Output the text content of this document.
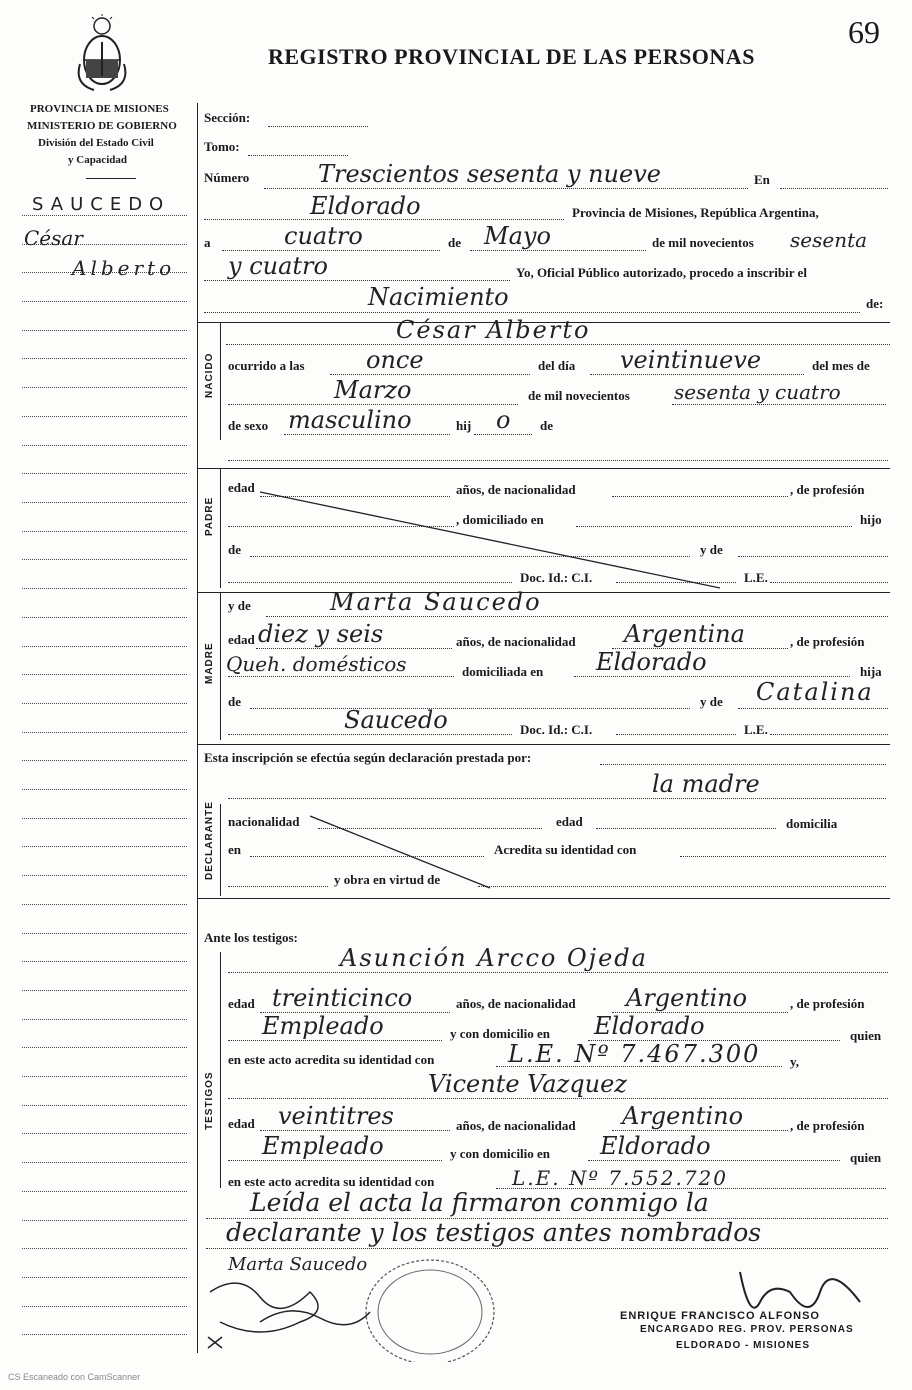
69
REGISTRO PROVINCIAL DE LAS PERSONAS
PROVINCIA DE MISIONES
MINISTERIO DE GOBIERNO
División del Estado Civil
y Capacidad
SAUCEDO
César
Alberto
Sección:
Tomo:
Número	Trescientos sesenta y nueve	En
Eldorado	Provincia de Misiones, República Argentina,
a	cuatro	de Mayo	de mil novecientos sesenta
y cuatro	Yo, Oficial Público autorizado, procedo a inscribir el
Nacimiento	de:
NACIDO
César Alberto
ocurrido a las	once	del día veintinueve	del mes de
Marzo	de mil novecientos sesenta y cuatro
de sexo masculino	hij o de
PADRE
edad	años, de nacionalidad	, de profesión
, domiciliado en	hijo
de	y de
Doc. Id.: C.I.	L.E.
MADRE
y de	Marta Saucedo
edad diez y seis	años, de nacionalidad Argentina	, de profesión
Queh. domésticos	domiciliada en Eldorado	hija
de	y de Catalina
Saucedo	Doc. Id.: C.I.	L.E.
Esta inscripción se efectúa según declaración prestada por:
la madre
DECLARANTE nacionalidad	edad	domicilia
en	Acredita su identidad con
y obra en virtud de
Ante los testigos:
TESTIGOS
Asunción Arcco Ojeda
edad treinticinco	años, de nacionalidad Argentino	, de profesión
Empleado	y con domicilio en Eldorado	quien
en este acto acredita su identidad con	L.E. Nº 7.467.300 y,
Vicente Vazquez
edad veintitres	años, de nacionalidad Argentino	, de profesión
Empleado	y con domicilio en Eldorado	quien
en este acto acredita su identidad con	L.E. Nº 7.552.720
Leída el acta la firmaron conmigo la
declarante y los testigos antes nombrados
Marta Saucedo
ENRIQUE FRANCISCO ALFONSO
ENCARGADO REG. PROV. PERSONAS
ELDORADO - MISIONES
CS Escaneado con CamScanner
